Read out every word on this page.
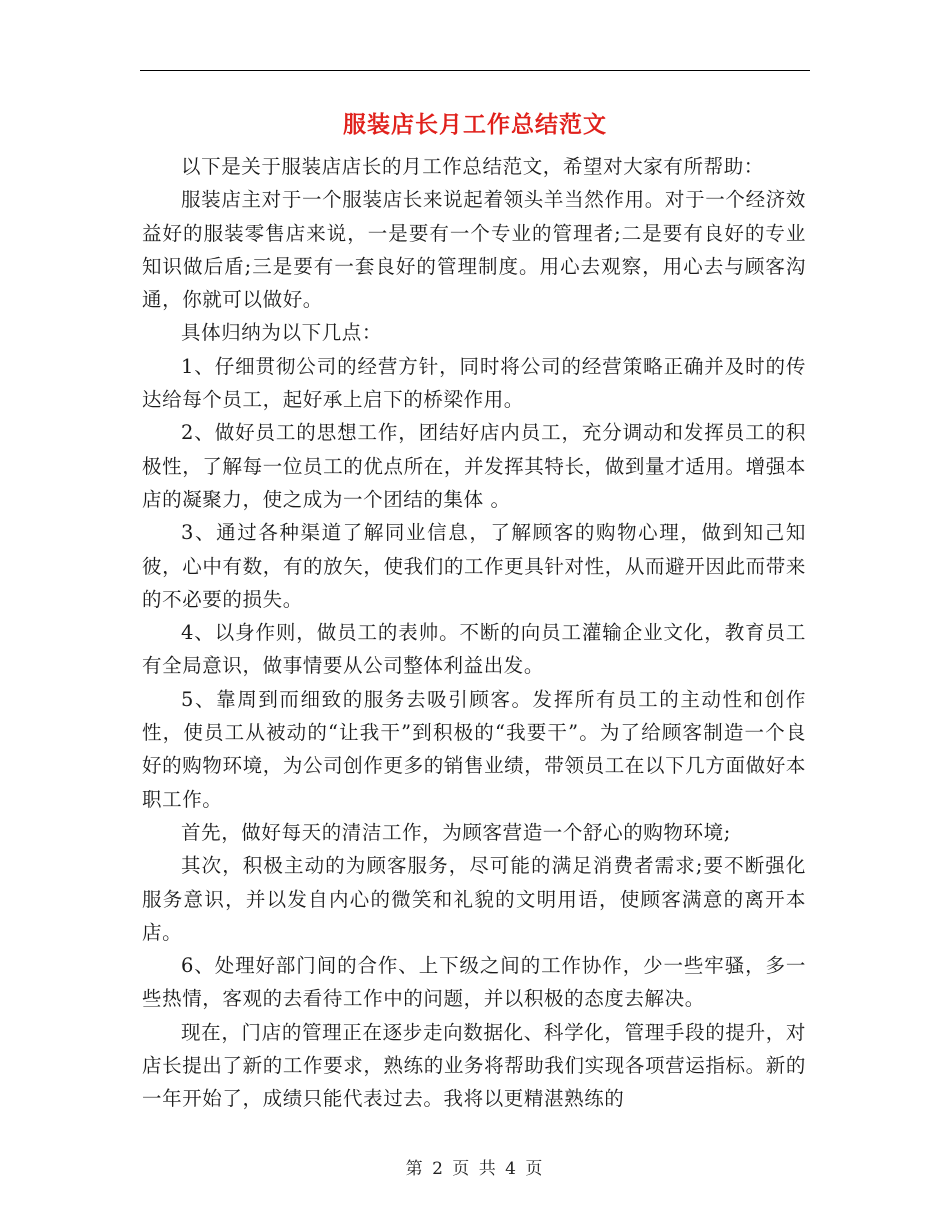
服装店长月工作总结范文

以下是关于服装店店长的月工作总结范文，希望对大家有所帮助：

服装店主对于一个服装店长来说起着领头羊当然作用。对于一个经济效益好的服装零售店来说，一是要有一个专业的管理者;二是要有良好的专业知识做后盾;三是要有一套良好的管理制度。用心去观察，用心去与顾客沟通，你就可以做好。

具体归纳为以下几点：

1、仔细贯彻公司的经营方针，同时将公司的经营策略正确并及时的传达给每个员工，起好承上启下的桥梁作用。

2、做好员工的思想工作，团结好店内员工，充分调动和发挥员工的积极性，了解每一位员工的优点所在，并发挥其特长，做到量才适用。增强本店的凝聚力，使之成为一个团结的集体 。

3、通过各种渠道了解同业信息，了解顾客的购物心理，做到知己知彼，心中有数，有的放矢，使我们的工作更具针对性，从而避开因此而带来的不必要的损失。

4、以身作则，做员工的表帅。不断的向员工灌输企业文化，教育员工有全局意识，做事情要从公司整体利益出发。

5、靠周到而细致的服务去吸引顾客。发挥所有员工的主动性和创作性，使员工从被动的“让我干”到积极的“我要干”。为了给顾客制造一个良好的购物环境，为公司创作更多的销售业绩，带领员工在以下几方面做好本职工作。

首先，做好每天的清洁工作，为顾客营造一个舒心的购物环境;

其次，积极主动的为顾客服务，尽可能的满足消费者需求;要不断强化服务意识，并以发自内心的微笑和礼貌的文明用语，使顾客满意的离开本店。

6、处理好部门间的合作、上下级之间的工作协作，少一些牢骚，多一些热情，客观的去看待工作中的问题，并以积极的态度去解决。

现在，门店的管理正在逐步走向数据化、科学化，管理手段的提升，对店长提出了新的工作要求，熟练的业务将帮助我们实现各项营运指标。新的一年开始了，成绩只能代表过去。我将以更精湛熟练的

第 2 页 共 4 页
